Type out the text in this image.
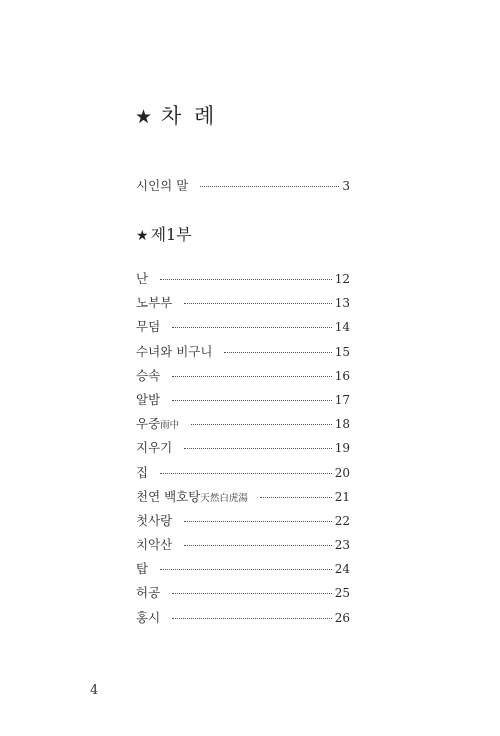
★ 차 례
시인의 말	3
★ 제1부
난	12
노부부	13
무덤	14
수녀와 비구니	15
승속	16
알밤	17
우중 雨中	18
지우기	19
집	20
천연 백호탕 天然白虎湯	21
첫사랑	22
치악산	23
탑	24
허공	25
홍시	26
4
